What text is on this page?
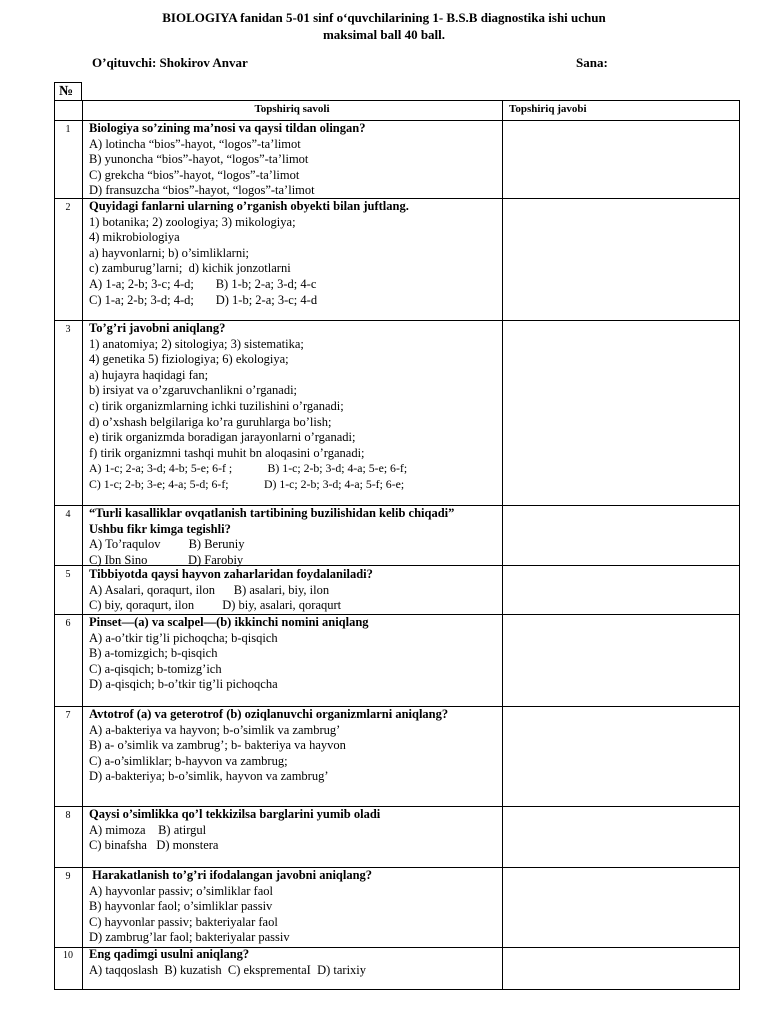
BIOLOGIYA fanidan 5-01 sinf o‘quvchilarining 1- B.S.B diagnostika ishi uchun
maksimal ball 40 ball.
O’qituvchi: Shokirov Anvar	Sana:
№
Topshiriq savoli	Topshiriq javobi
1	Biologiya so’zining ma’nosi va qaysi tildan olingan?
A) lotincha “bios”-hayot, “logos”-ta’limot
B) yunoncha “bios”-hayot, “logos”-ta’limot
C) grekcha “bios”-hayot, “logos”-ta’limot
D) fransuzcha “bios”-hayot, “logos”-ta’limot
2	Quyidagi fanlarni ularning o’rganish obyekti bilan juftlang.
1) botanika; 2) zoologiya; 3) mikologiya;
4) mikrobiologiya
a) hayvonlarni; b) o’simliklarni;
c) zamburug’larni;  d) kichik jonzotlarni
A) 1-a; 2-b; 3-c; 4-d;       B) 1-b; 2-a; 3-d; 4-c
C) 1-a; 2-b; 3-d; 4-d;       D) 1-b; 2-a; 3-c; 4-d
3	To’g’ri javobni aniqlang?
1) anatomiya; 2) sitologiya; 3) sistematika;
4) genetika 5) fiziologiya; 6) ekologiya;
a) hujayra haqidagi fan;
b) irsiyat va o’zgaruvchanlikni o’rganadi;
c) tirik organizmlarning ichki tuzilishini o’rganadi;
d) o’xshash belgilariga ko’ra guruhlarga bo’lish;
e) tirik organizmda boradigan jarayonlarni o’rganadi;
f) tirik organizmni tashqi muhit bn aloqasini o’rganadi;
A) 1-c; 2-a; 3-d; 4-b; 5-e; 6-f ;            B) 1-c; 2-b; 3-d; 4-a; 5-e; 6-f;
C) 1-c; 2-b; 3-e; 4-a; 5-d; 6-f;            D) 1-c; 2-b; 3-d; 4-a; 5-f; 6-e;
4	“Turli kasalliklar ovqatlanish tartibining buzilishidan kelib chiqadi” Ushbu fikr kimga tegishli?
A) To’raqulov         B) Beruniy
C) Ibn Sino             D) Farobiy
5	Tibbiyotda qaysi hayvon zaharlaridan foydalaniladi?
A) Asalari, qoraqurt, ilon      B) asalari, biy, ilon
C) biy, qoraqurt, ilon         D) biy, asalari, qoraqurt
6	Pinset—(a) va scalpel—(b) ikkinchi nomini aniqlang
A) a-o’tkir tig’li pichoqcha; b-qisqich
B) a-tomizgich; b-qisqich
C) a-qisqich; b-tomizg’ich
D) a-qisqich; b-o’tkir tig’li pichoqcha
7	Avtotrof (a) va geterotrof (b) oziqlanuvchi organizmlarni aniqlang?
A) a-bakteriya va hayvon; b-o’simlik va zambrug’
B) a- o’simlik va zambrug’; b- bakteriya va hayvon
C) a-o’simliklar; b-hayvon va zambrug;
D) a-bakteriya; b-o’simlik, hayvon va zambrug’
8	Qaysi o’simlikka qo’l tekkizilsa barglarini yumib oladi
A) mimoza    B) atirgul
C) binafsha   D) monstera
9	Harakatlanish to’g’ri ifodalangan javobni aniqlang?
A) hayvonlar passiv; o’simliklar faol
B) hayvonlar faol; o’simliklar passiv
C) hayvonlar passiv; bakteriyalar faol
D) zambrug’lar faol; bakteriyalar passiv
10	Eng qadimgi usulni aniqlang?
A) taqqoslash  B) kuzatish  C) eksprementaI  D) tarixiy
